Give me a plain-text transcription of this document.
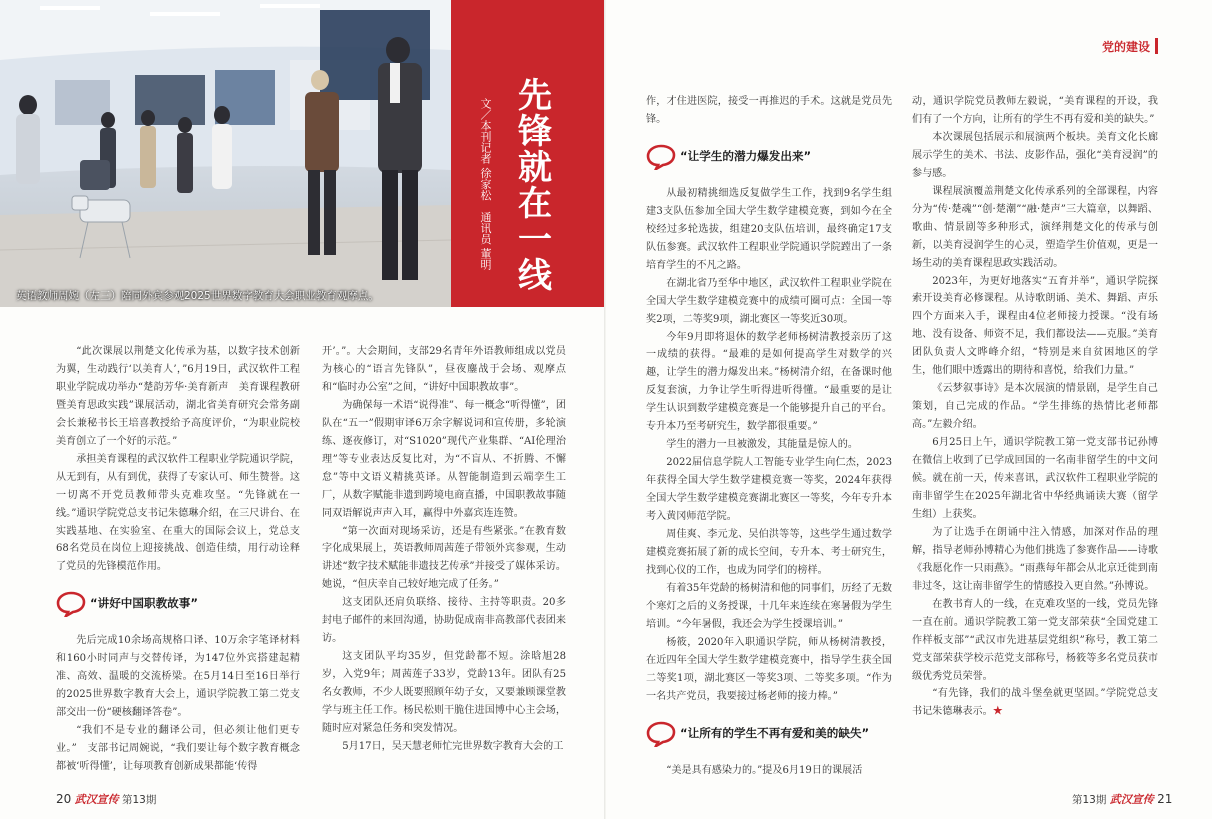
英语教师周婉（左三）陪同外宾参观2025世界数字教育大会职业教育观摩点。
文／本刊记者 徐家松　通讯员 董明
先锋就在一线

“此次课展以荆楚文化传承为基，以数字技术创新为翼，生动践行‘以美育人’，”6月19日，武汉软件工程职业学院成功举办“楚韵芳华·美育新声　美育课程教研暨美育思政实践”课展活动，湖北省美育研究会常务副会长兼秘书长王培喜教授给予高度评价，“为职业院校美育创立了一个好的示范。”

承担美育课程的武汉软件工程职业学院通识学院，从无到有，从有到优，获得了专家认可、师生赞誉。这一切离不开党员教师带头克难攻坚。“先锋就在一线。”通识学院党总支书记朱德琳介绍，在三尺讲台、在实践基地、在实验室、在重大的国际会议上，党总支68名党员在岗位上迎接挑战、创造佳绩，用行动诠释了党员的先锋模范作用。

“讲好中国职教故事”

先后完成10余场高规格口译、10万余字笔译材料和160小时同声与交替传译，为147位外宾搭建起精准、高效、温暖的交流桥梁。在5月14日至16日举行的2025世界数字教育大会上，通识学院教工第二党支部交出一份“硬核翻译答卷”。

“我们不是专业的翻译公司，但必须让他们更专业。”　支部书记周婉说，“我们要让每个数字教育概念都被‘听得懂’，让每项教育创新成果都能‘传得

开’。”。大会期间，支部29名青年外语教师组成以党员为核心的“语言先锋队”，昼夜鏖战于会场、观摩点和“临时办公室”之间，“讲好中国职教故事”。

为确保每一术语“说得准”、每一概念“听得懂”，团队在“五一”假期审译6万余字解说词和宣传册，多轮演练、逐夜修订，对“S1020”现代产业集群、“AI伦理治理”等专业表达反复比对，为“不盲从、不折腾、不懈怠”等中文语义精挑英译。从智能制造到云端孪生工厂，从数字赋能非遗到跨境电商直播，中国职教故事随同双语解说声声入耳，赢得中外嘉宾连连赞。

“第一次面对现场采访，还是有些紧张。”在教育数字化成果展上，英语教师周茜莲子带领外宾参观，生动讲述“数字技术赋能非遗技艺传承”并接受了媒体采访。她说，“但庆幸自己较好地完成了任务。”

这支团队还肩负联络、接待、主持等职责。20多封电子邮件的来回沟通，协助促成南非高教部代表团来访。

这支团队平均35岁，但党龄都不短。涂晗旭28岁，入党9年；周茜莲子33岁，党龄13年。团队有25名女教师，不少人既要照顾年幼子女，又要兼顾课堂教学与班主任工作。杨民松则干脆住进国博中心主会场，随时应对紧急任务和突发情况。

5月17日，吴天慧老师忙完世界数字教育大会的工

20 武汉宣传 第13期
党的建设

作，才住进医院，接受一再推迟的手术。这就是党员先锋。

“让学生的潜力爆发出来”

从最初精挑细选反复做学生工作，找到9名学生组建3支队伍参加全国大学生数学建模竞赛，到如今在全校经过多轮选拔，组建20支队伍培训，最终确定17支队伍参赛。武汉软件工程职业学院通识学院蹚出了一条培育学生的不凡之路。

在湖北省乃至华中地区，武汉软件工程职业学院在全国大学生数学建模竞赛中的成绩可圈可点：全国一等奖2项，二等奖9项，湖北赛区一等奖近30项。

今年9月即将退休的数学老师杨树清教授亲历了这一成绩的获得。“最难的是如何提高学生对数学的兴趣，让学生的潜力爆发出来。”杨树清介绍，在备课时他反复套演，力争让学生听得进听得懂。“最重要的是让学生认识到数学建模竞赛是一个能够提升自己的平台。专升本乃至考研究生，数学都很重要。”

学生的潜力一旦被激发，其能量是惊人的。

2022届信息学院人工智能专业学生向仁杰，2023年获得全国大学生数学建模竞赛一等奖，2024年获得全国大学生数学建模竞赛湖北赛区一等奖，今年专升本考入黄冈师范学院。

周佳爽、李元龙、吴伯洪等等，这些学生通过数学建模竞赛拓展了新的成长空间，专升本、考士研究生，找到心仪的工作，也成为同学们的榜样。

有着35年党龄的杨树清和他的同事们，历经了无数个寒灯之后的义务授课，十几年来连续在寒暑假为学生培训。“今年暑假，我还会为学生授课培训。”

杨筱，2020年入职通识学院，师从杨树清教授，在近四年全国大学生数学建模竞赛中，指导学生获全国二等奖1项，湖北赛区一等奖3项、二等奖多项。“作为一名共产党员，我要接过杨老师的接力棒。”

“让所有的学生不再有爱和美的缺失”

“美是具有感染力的。”提及6月19日的课展活

动，通识学院党员教师左毅说，“美育课程的开设，我们有了一个方向，让所有的学生不再有爱和美的缺失。”

本次课展包括展示和展演两个板块。美育文化长廊展示学生的美术、书法、皮影作品，强化“美育浸润”的参与感。

课程展演覆盖荆楚文化传承系列的全部课程，内容分为“传·楚魂”“创·楚潮”“融·楚声”三大篇章，以舞蹈、歌曲、情景剧等多种形式，演绎荆楚文化的传承与创新，以美育浸润学生的心灵，塑造学生价值观，更是一场生动的美育课程思政实践活动。

2023年，为更好地落实“五育并举”，通识学院探索开设美育必修课程。从诗歌朗诵、美术、舞蹈、声乐四个方面来入手，课程由4位老师接力授课。“没有场地、没有设备、师资不足，我们都设法——克服。”美育团队负责人文晔峰介绍，“特别是来自贫困地区的学生，他们眼中透露出的期待和喜悦，给我们力量。”

《云梦叙事诗》是本次展演的情景剧，是学生自己策划，自己完成的作品。“学生排练的热情比老师都高。”左毅介绍。

6月25日上午，通识学院教工第一党支部书记孙博在微信上收到了已学成回国的一名南非留学生的中文问候。就在前一天，传来喜讯，武汉软件工程职业学院的南非留学生在2025年湖北省中华经典诵读大赛（留学生组）上获奖。

为了让选手在朗诵中注入情感，加深对作品的理解，指导老师孙博精心为他们挑选了参赛作品——诗歌《我愿化作一只雨燕》。“雨燕每年都会从北京迁徙到南非过冬，这让南非留学生的情感投入更自然。”孙博说。

在教书育人的一线，在克难攻坚的一线，党员先锋一直在前。通识学院教工第一党支部荣获“全国党建工作样板支部”“武汉市先进基层党组织”称号，教工第二党支部荣获学校示范党支部称号，杨筱等多名党员获市级优秀党员荣誉。

“有先锋，我们的战斗堡垒就更坚固。”学院党总支书记朱德琳表示。★

第13期 武汉宣传 21
